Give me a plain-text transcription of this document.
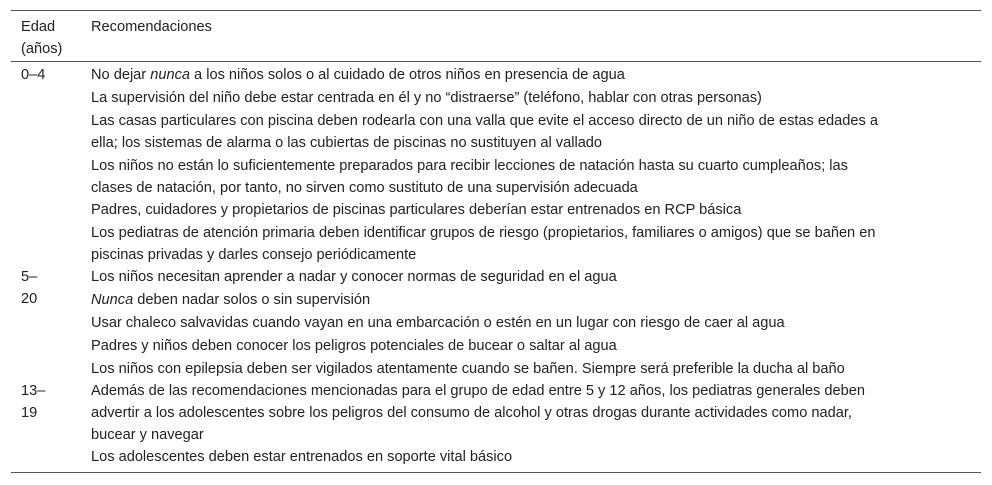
Edad
(años)
Recomendaciones
0–4	No dejar nunca a los niños solos o al cuidado de otros niños en presencia de agua
La supervisión del niño debe estar centrada en él y no “distraerse” (teléfono, hablar con otras personas)
Las casas particulares con piscina deben rodearla con una valla que evite el acceso directo de un niño de estas edades a
ella; los sistemas de alarma o las cubiertas de piscinas no sustituyen al vallado
Los niños no están lo suficientemente preparados para recibir lecciones de natación hasta su cuarto cumpleaños; las
clases de natación, por tanto, no sirven como sustituto de una supervisión adecuada
Padres, cuidadores y propietarios de piscinas particulares deberían estar entrenados en RCP básica
Los pediatras de atención primaria deben identificar grupos de riesgo (propietarios, familiares o amigos) que se bañen en
piscinas privadas y darles consejo periódicamente
5–
20
Los niños necesitan aprender a nadar y conocer normas de seguridad en el agua
Nunca deben nadar solos o sin supervisión
Usar chaleco salvavidas cuando vayan en una embarcación o estén en un lugar con riesgo de caer al agua
Padres y niños deben conocer los peligros potenciales de bucear o saltar al agua
Los niños con epilepsia deben ser vigilados atentamente cuando se bañen. Siempre será preferible la ducha al baño
13–
19
Además de las recomendaciones mencionadas para el grupo de edad entre 5 y 12 años, los pediatras generales deben
advertir a los adolescentes sobre los peligros del consumo de alcohol y otras drogas durante actividades como nadar,
bucear y navegar
Los adolescentes deben estar entrenados en soporte vital básico
